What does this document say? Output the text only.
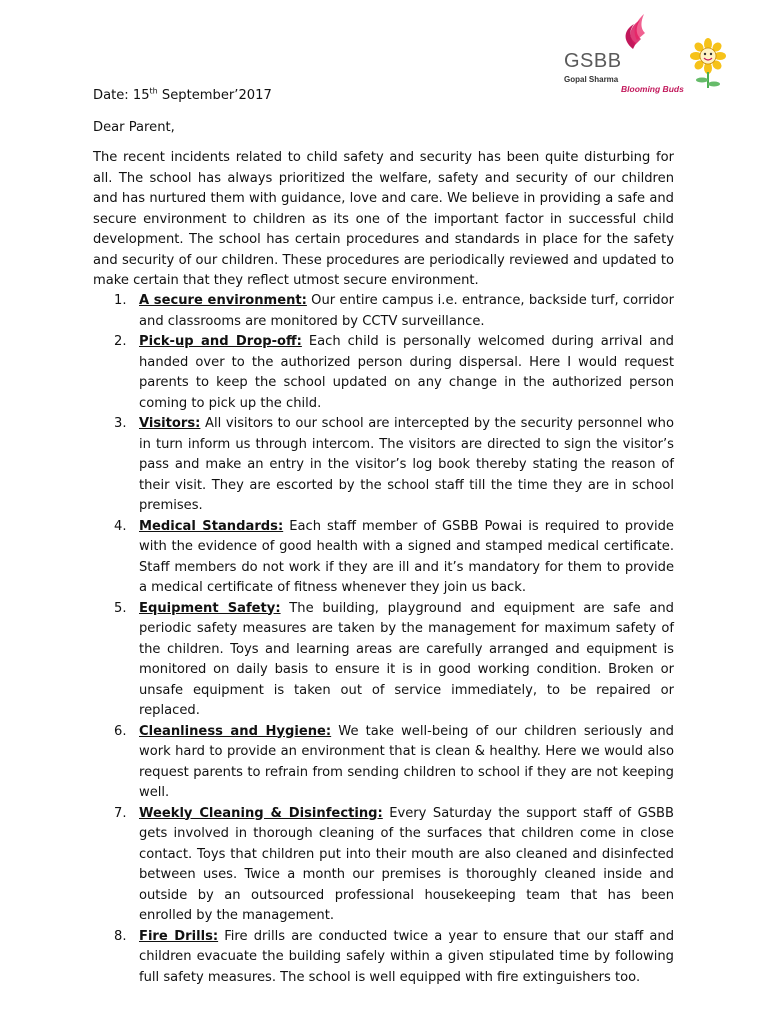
GSBB
Gopal Sharma
Blooming Buds
Date: 15th September’2017
Dear Parent,
The recent incidents related to child safety and security has been quite disturbing for all. The school has always prioritized the welfare, safety and security of our children and has nurtured them with guidance, love and care. We believe in providing a safe and secure environment to children as its one of the important factor in successful child development. The school has certain procedures and standards in place for the safety and security of our children. These procedures are periodically reviewed and updated to make certain that they reflect utmost secure environment.
1. A secure environment: Our entire campus i.e. entrance, backside turf, corridor and classrooms are monitored by CCTV surveillance.
2. Pick-up and Drop-off: Each child is personally welcomed during arrival and handed over to the authorized person during dispersal. Here I would request parents to keep the school updated on any change in the authorized person coming to pick up the child.
3. Visitors: All visitors to our school are intercepted by the security personnel who in turn inform us through intercom. The visitors are directed to sign the visitor’s pass and make an entry in the visitor’s log book thereby stating the reason of their visit. They are escorted by the school staff till the time they are in school premises.
4. Medical Standards: Each staff member of GSBB Powai is required to provide with the evidence of good health with a signed and stamped medical certificate. Staff members do not work if they are ill and it’s mandatory for them to provide a medical certificate of fitness whenever they join us back.
5. Equipment Safety: The building, playground and equipment are safe and periodic safety measures are taken by the management for maximum safety of the children. Toys and learning areas are carefully arranged and equipment is monitored on daily basis to ensure it is in good working condition. Broken or unsafe equipment is taken out of service immediately, to be repaired or replaced.
6. Cleanliness and Hygiene: We take well-being of our children seriously and work hard to provide an environment that is clean & healthy. Here we would also request parents to refrain from sending children to school if they are not keeping well.
7. Weekly Cleaning & Disinfecting: Every Saturday the support staff of GSBB gets involved in thorough cleaning of the surfaces that children come in close contact. Toys that children put into their mouth are also cleaned and disinfected between uses. Twice a month our premises is thoroughly cleaned inside and outside by an outsourced professional housekeeping team that has been enrolled by the management.
8. Fire Drills: Fire drills are conducted twice a year to ensure that our staff and children evacuate the building safely within a given stipulated time by following full safety measures. The school is well equipped with fire extinguishers too.
